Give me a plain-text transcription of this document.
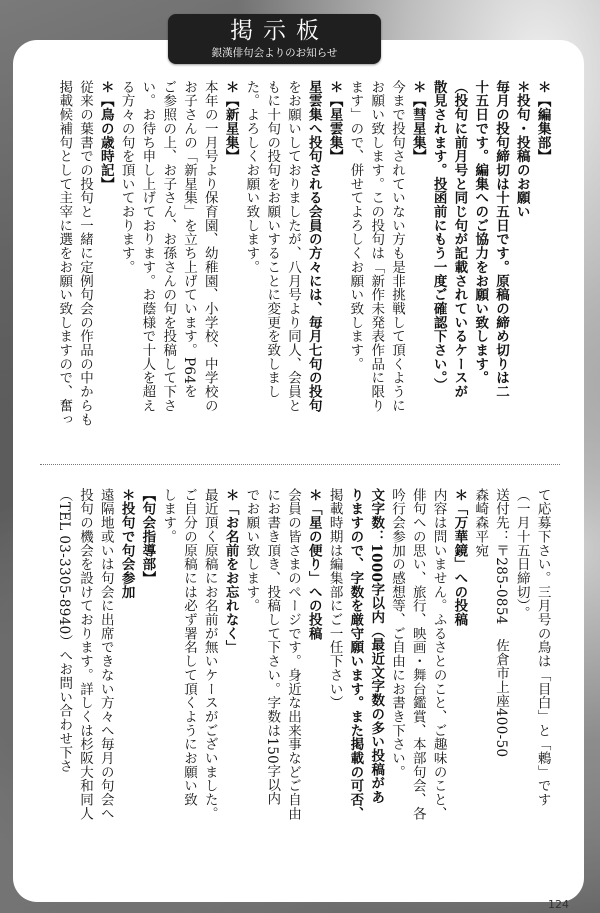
掲示板
銀漢俳句会よりのお知らせ

＊【編集部】

＊投句・投稿のお願い

毎月の投句締切は十五日です。原稿の締め切りは二

十五日です。編集へのご協力をお願い致します。

（投句に前月号と同じ句が記載されているケースが

散見されます。投函前にもう一度ご確認下さい。）

＊【彗星集】

今まで投句されていない方も是非挑戦して頂くように

お願い致します。この投句は「新作未発表作品に限り

ます」ので、併せてよろしくお願い致します。

＊【星雲集】

星雲集へ投句される会員の方々には、毎月七句の投句

をお願いしておりましたが、八月号より同人、会員と

もに十句の投句をお願いすることに変更を致しまし

た。よろしくお願い致します。

＊【新星集】

本年の一月号より保育園、幼稚園、小学校、中学校の

お子さんの「新星集」を立ち上げています。P64を

ご参照の上、お子さん、お孫さんの句を投稿して下さ

い。お待ち申し上げております。お蔭様で十人を超え

る方々の句を頂いております。

＊【鳥の歳時記】

従来の葉書での投句と一緒に定例句会の作品の中からも

掲載候補句として主宰に選をお願い致しますので、奮っ

て応募下さい。三月号の鳥は「目白」と「鶫」です

（一月十五日締切）。

送付先：〒285-0854　佐倉市上座400-50

森崎森平宛

＊「万華鏡」への投稿

内容は問いません。ふるさとのこと、ご趣味のこと、

俳句への思い、旅行、映画・舞台鑑賞、本部句会、各

吟行会参加の感想等、ご自由にお書き下さい。

文字数：1000字以内（最近文字数の多い投稿があ

りますので、字数を厳守願います。また掲載の可否、

掲載時期は編集部にご一任下さい）

＊「星の便り」への投稿

会員の皆さまのページです。身近な出来事などご自由

にお書き頂き、投稿して下さい。字数は150字以内

でお願い致します。

＊「お名前をお忘れなく」

最近頂く原稿にお名前が無いケースがございました。

ご自分の原稿には必ず署名して頂くようにお願い致

します。

【句会指導部】

＊投句で句会参加

遠隔地或いは句会に出席できない方々へ毎月の句会へ

投句の機会を設けております。詳しくは杉阪大和同人

（TEL 03-3305-8940）へお問い合わせ下さ

124
